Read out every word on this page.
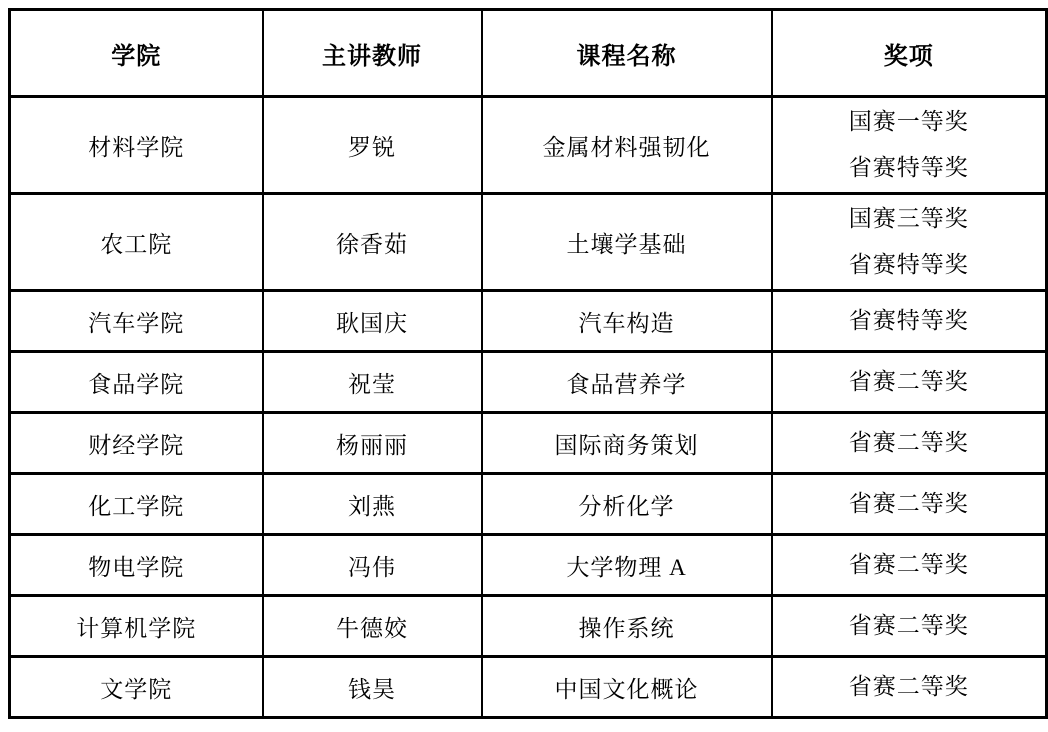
学院	主讲教师	课程名称	奖项
材料学院	罗锐	金属材料强韧化	国赛一等奖
省赛特等奖

农工院	徐香茹	土壤学基础	国赛三等奖
省赛特等奖

汽车学院	耿国庆	汽车构造	省赛特等奖

食品学院	祝莹	食品营养学	省赛二等奖

财经学院	杨丽丽	国际商务策划	省赛二等奖

化工学院	刘燕	分析化学	省赛二等奖

物电学院	冯伟	大学物理 A	省赛二等奖

计算机学院	牛德姣	操作系统	省赛二等奖

文学院	钱昊	中国文化概论	省赛二等奖
